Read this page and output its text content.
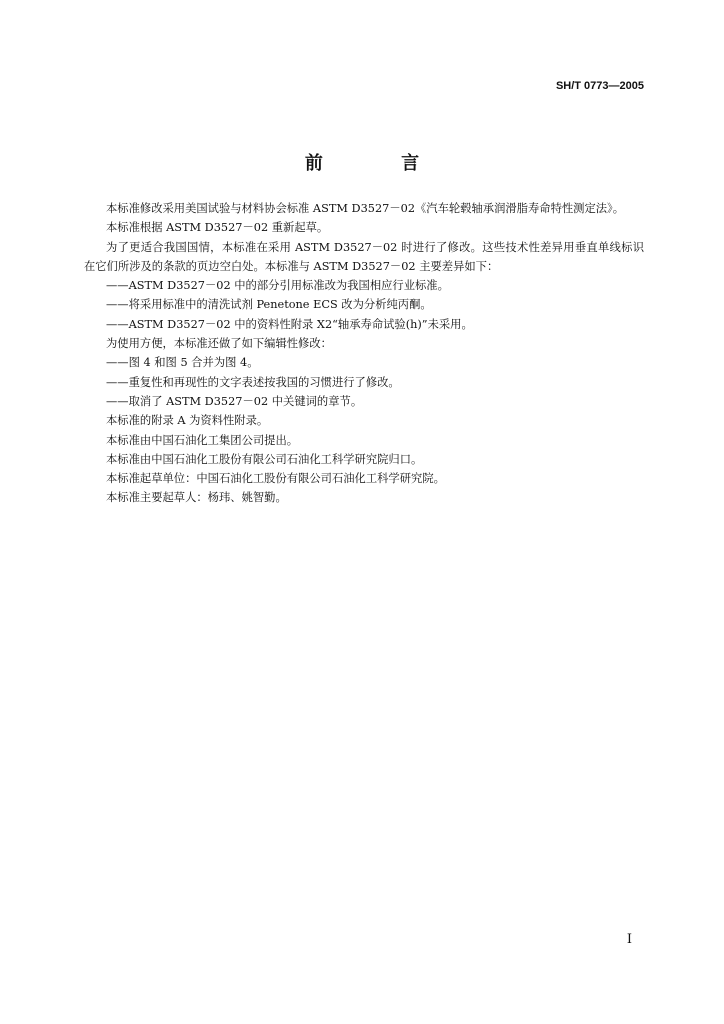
SH/T 0773—2005
前 言

本标准修改采用美国试验与材料协会标准 ASTM D3527－02《汽车轮毂轴承润滑脂寿命特性测定法》。

本标准根据 ASTM D3527－02 重新起草。

为了更适合我国国情，本标准在采用 ASTM D3527－02 时进行了修改。这些技术性差异用垂直单线标识在它们所涉及的条款的页边空白处。本标准与 ASTM D3527－02 主要差异如下：

——ASTM D3527－02 中的部分引用标准改为我国相应行业标准。

——将采用标准中的清洗试剂 Penetone ECS 改为分析纯丙酮。

——ASTM D3527－02 中的资料性附录 X2“轴承寿命试验(h)”未采用。

为使用方便，本标准还做了如下编辑性修改：

——图 4 和图 5 合并为图 4。

——重复性和再现性的文字表述按我国的习惯进行了修改。

——取消了 ASTM D3527－02 中关键词的章节。

本标准的附录 A 为资料性附录。

本标准由中国石油化工集团公司提出。

本标准由中国石油化工股份有限公司石油化工科学研究院归口。

本标准起草单位：中国石油化工股份有限公司石油化工科学研究院。

本标准主要起草人：杨玮、姚智勤。

I
